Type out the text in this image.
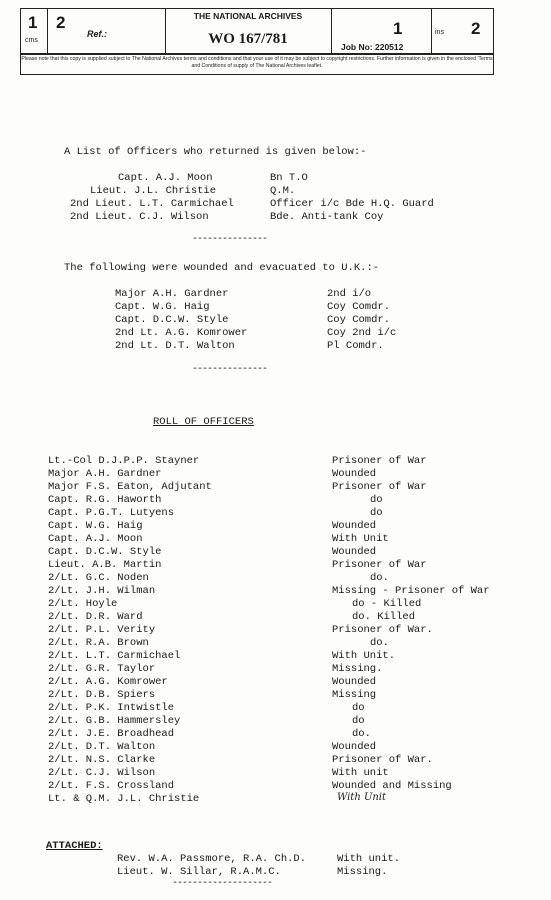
1
cms
2
Ref.:
THE NATIONAL ARCHIVES
WO 167/781
1
Job No: 220512
ins 2
Please note that this copy is supplied subject to The National Archives terms and conditions and that your use of it may be subject to copyright restrictions. Further information is given in the enclosed 'Terms and Conditions of supply of The National Archives leaflet.
A List of Officers who returned is given below:-
Capt. A.J. Moon	Bn T.O
Lieut. J.L. Christie	Q.M.
2nd Lieut. L.T. Carmichael	Officer i/c Bde H.Q. Guard
2nd Lieut. C.J. Wilson	Bde. Anti-tank Coy
---------------
The following were wounded and evacuated to U.K.:-
Major A.H. Gardner	2nd i/o
Capt. W.G. Haig	Coy Comdr.
Capt. D.C.W. Style	Coy Comdr.
2nd Lt. A.G. Komrower	Coy 2nd i/c
2nd Lt. D.T. Walton	Pl Comdr.
---------------
ROLL OF OFFICERS
Lt.-Col D.J.P.P. Stayner	Prisoner of War
Major A.H. Gardner	Wounded
Major F.S. Eaton, Adjutant	Prisoner of War
Capt. R.G. Haworth	do
Capt. P.G.T. Lutyens	do
Capt. W.G. Haig	Wounded
Capt. A.J. Moon	With Unit
Capt. D.C.W. Style	Wounded
Lieut. A.B. Martin	Prisoner of War
2/Lt. G.C. Noden	do.
2/Lt. J.H. Wilman	Missing - Prisoner of War
2/Lt. Hoyle	do - Killed
2/Lt. D.R. Ward	do. Killed
2/Lt. P.L. Verity	Prisoner of War.
2/Lt. R.A. Brown	do.
2/Lt. L.T. Carmichael	With Unit.
2/Lt. G.R. Taylor	Missing.
2/Lt. A.G. Komrower	Wounded
2/Lt. D.B. Spiers	Missing
2/Lt. P.K. Intwistle	do
2/Lt. G.B. Hammersley	do
2/Lt. J.E. Broadhead	do.
2/Lt. D.T. Walton	Wounded
2/Lt. N.S. Clarke	Prisoner of War.
2/Lt. C.J. Wilson	With unit
2/Lt. F.S. Crossland	Wounded and Missing
Lt. & Q.M. J.L. Christie	With Unit
ATTACHED:
Rev. W.A. Passmore, R.A. Ch.D.	With unit.
Lieut. W. Sillar, R.A.M.C.	Missing.
--------------------
